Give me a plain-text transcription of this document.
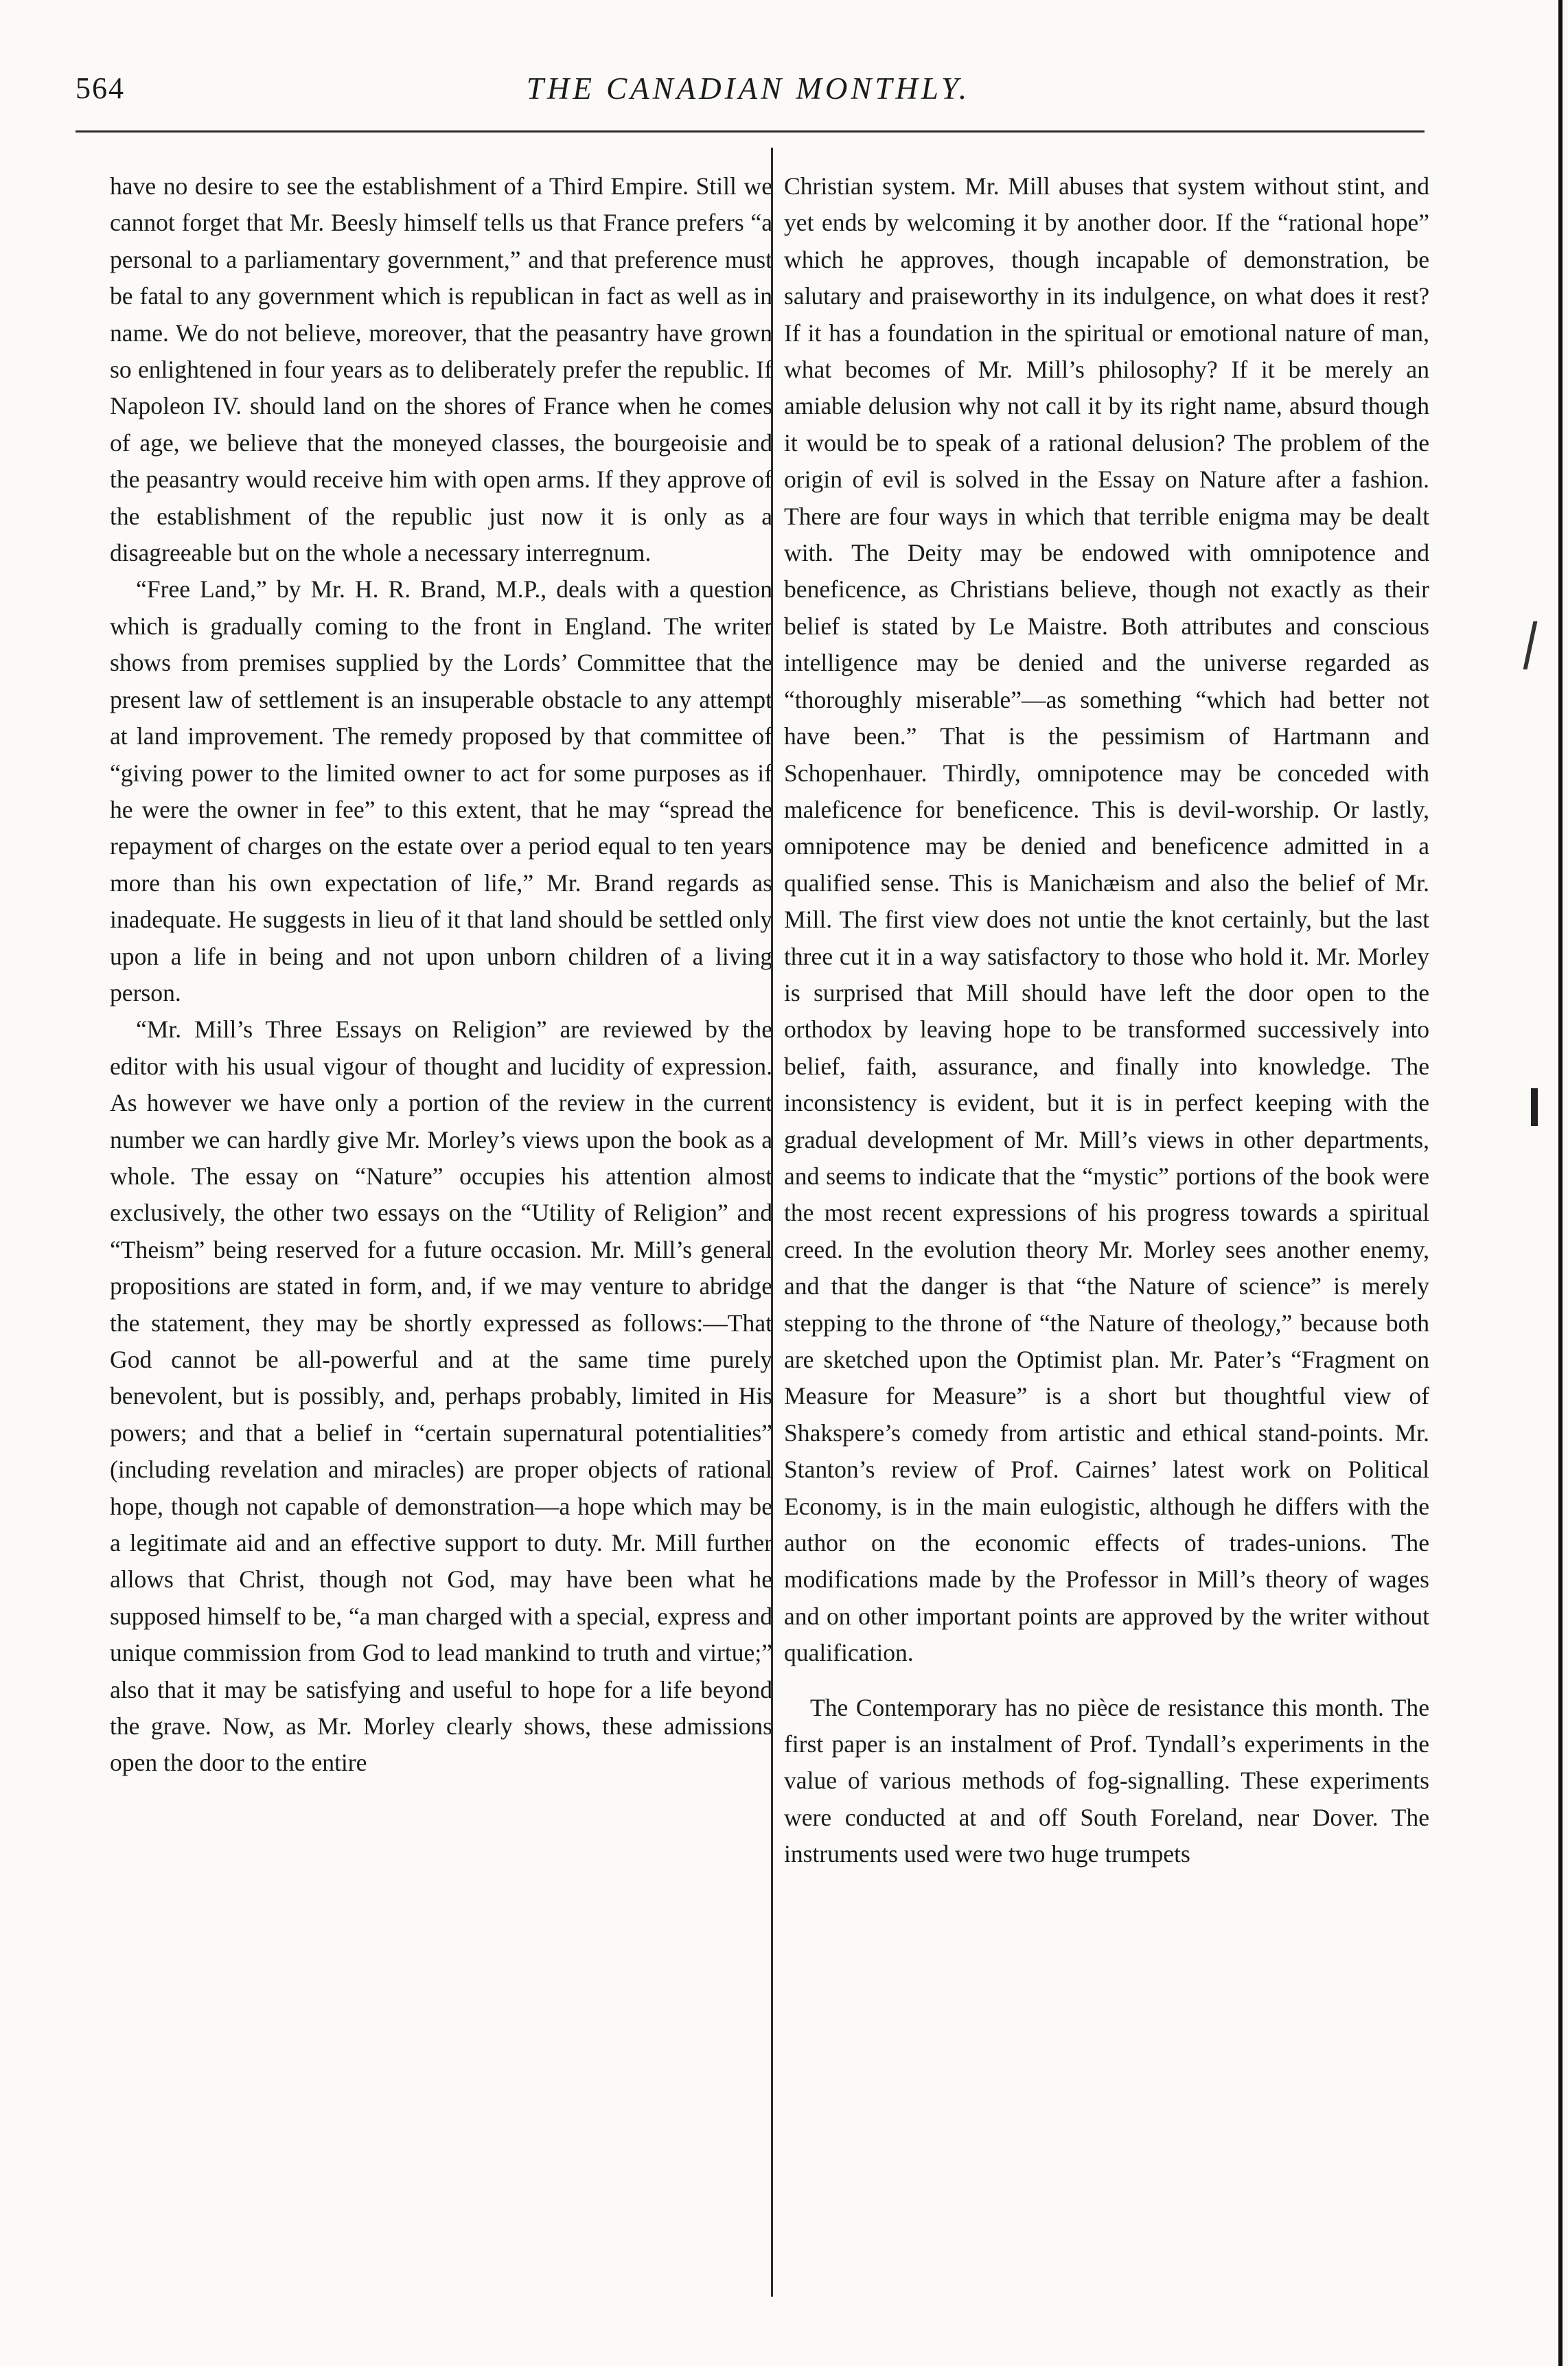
564	THE CANADIAN MONTHLY.

have no desire to see the establishment of a Third Empire. Still we cannot forget that Mr. Beesly himself tells us that France prefers “a personal to a parliamentary government,” and that preference must be fatal to any government which is republican in fact as well as in name. We do not believe, moreover, that the peasantry have grown so enlightened in four years as to deliberately prefer the republic. If Napoleon IV. should land on the shores of France when he comes of age, we believe that the moneyed classes, the bourgeoisie and the peasantry would receive him with open arms. If they approve of the establishment of the republic just now it is only as a disagreeable but on the whole a necessary interregnum.

“Free Land,” by Mr. H. R. Brand, M.P., deals with a question which is gradually coming to the front in England. The writer shows from premises supplied by the Lords’ Committee that the present law of settlement is an insuperable obstacle to any attempt at land improvement. The remedy proposed by that committee of “giving power to the limited owner to act for some purposes as if he were the owner in fee” to this extent, that he may “spread the repayment of charges on the estate over a period equal to ten years more than his own expectation of life,” Mr. Brand regards as inadequate. He suggests in lieu of it that land should be settled only upon a life in being and not upon unborn children of a living person.

“Mr. Mill’s Three Essays on Religion” are reviewed by the editor with his usual vigour of thought and lucidity of expression. As however we have only a portion of the review in the current number we can hardly give Mr. Morley’s views upon the book as a whole. The essay on “Nature” occupies his attention almost exclusively, the other two essays on the “Utility of Religion” and “Theism” being reserved for a future occasion. Mr. Mill’s general propositions are stated in form, and, if we may venture to abridge the statement, they may be shortly expressed as follows:—That God cannot be all-powerful and at the same time purely benevolent, but is possibly, and, perhaps probably, limited in His powers; and that a belief in “certain supernatural potentialities” (including revelation and miracles) are proper objects of rational hope, though not capable of demonstration—a hope which may be a legitimate aid and an effective support to duty. Mr. Mill further allows that Christ, though not God, may have been what he supposed himself to be, “a man charged with a special, express and unique commission from God to lead mankind to truth and virtue;” also that it may be satisfying and useful to hope for a life beyond the grave. Now, as Mr. Morley clearly shows, these admissions open the door to the entire

Christian system. Mr. Mill abuses that system without stint, and yet ends by welcoming it by another door. If the “rational hope” which he approves, though incapable of demonstration, be salutary and praiseworthy in its indulgence, on what does it rest? If it has a foundation in the spiritual or emotional nature of man, what becomes of Mr. Mill’s philosophy? If it be merely an amiable delusion why not call it by its right name, absurd though it would be to speak of a rational delusion? The problem of the origin of evil is solved in the Essay on Nature after a fashion. There are four ways in which that terrible enigma may be dealt with. The Deity may be endowed with omnipotence and beneficence, as Christians believe, though not exactly as their belief is stated by Le Maistre. Both attributes and conscious intelligence may be denied and the universe regarded as “thoroughly miserable”—as something “which had better not have been.” That is the pessimism of Hartmann and Schopenhauer. Thirdly, omnipotence may be conceded with maleficence for beneficence. This is devil-worship. Or lastly, omnipotence may be denied and beneficence admitted in a qualified sense. This is Manichæism and also the belief of Mr. Mill. The first view does not untie the knot certainly, but the last three cut it in a way satisfactory to those who hold it. Mr. Morley is surprised that Mill should have left the door open to the orthodox by leaving hope to be transformed successively into belief, faith, assurance, and finally into knowledge. The inconsistency is evident, but it is in perfect keeping with the gradual development of Mr. Mill’s views in other departments, and seems to indicate that the “mystic” portions of the book were the most recent expressions of his progress towards a spiritual creed. In the evolution theory Mr. Morley sees another enemy, and that the danger is that “the Nature of science” is merely stepping to the throne of “the Nature of theology,” because both are sketched upon the Optimist plan. Mr. Pater’s “Fragment on Measure for Measure” is a short but thoughtful view of Shakspere’s comedy from artistic and ethical stand-points. Mr. Stanton’s review of Prof. Cairnes’ latest work on Political Economy, is in the main eulogistic, although he differs with the author on the economic effects of trades-unions. The modifications made by the Professor in Mill’s theory of wages and on other important points are approved by the writer without qualification.

The Contemporary has no pièce de resistance this month. The first paper is an instalment of Prof. Tyndall’s experiments in the value of various methods of fog-signalling. These experiments were conducted at and off South Foreland, near Dover. The instruments used were two huge trumpets
